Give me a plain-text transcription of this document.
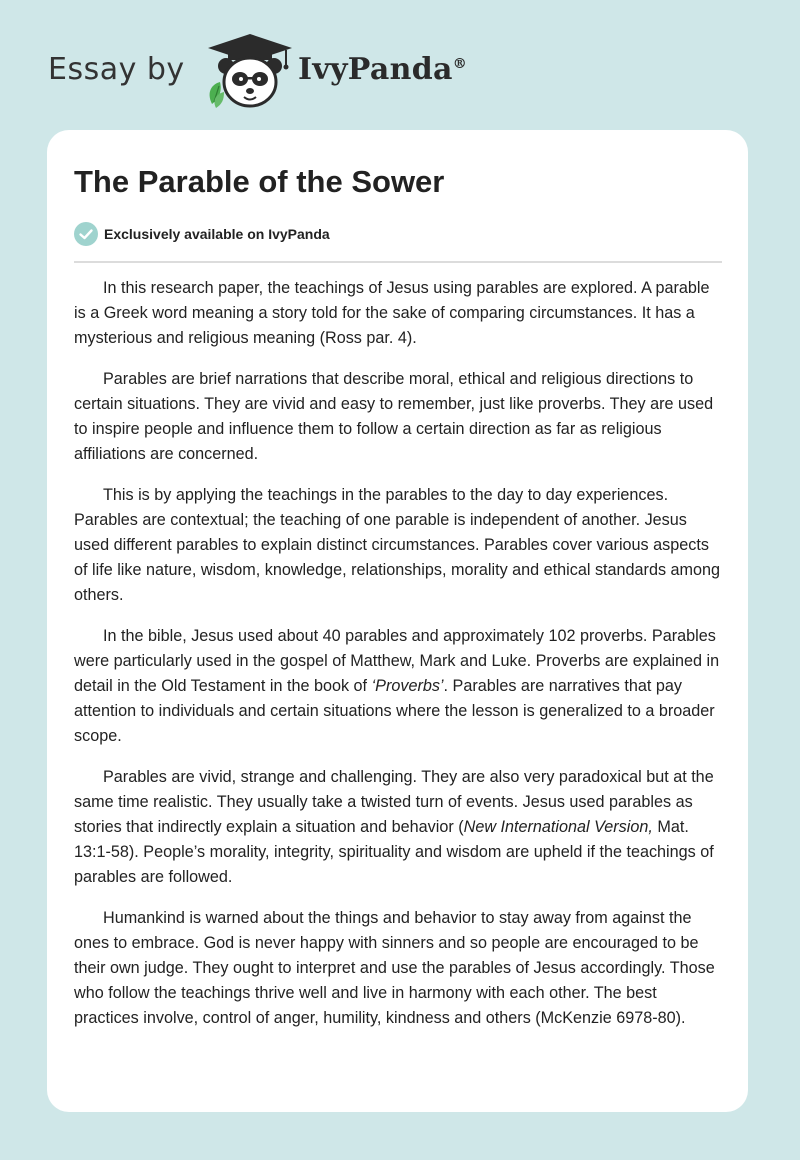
Essay by	IvyPanda®
The Parable of the Sower
Exclusively available on IvyPanda

In this research paper, the teachings of Jesus using parables are explored. A parable is a Greek word meaning a story told for the sake of comparing circumstances. It has a mysterious and religious meaning (Ross par. 4).

Parables are brief narrations that describe moral, ethical and religious directions to certain situations. They are vivid and easy to remember, just like proverbs. They are used to inspire people and influence them to follow a certain direction as far as religious affiliations are concerned.

This is by applying the teachings in the parables to the day to day experiences. Parables are contextual; the teaching of one parable is independent of another. Jesus used different parables to explain distinct circumstances. Parables cover various aspects of life like nature, wisdom, knowledge, relationships, morality and ethical standards among others.

In the bible, Jesus used about 40 parables and approximately 102 proverbs. Parables were particularly used in the gospel of Matthew, Mark and Luke. Proverbs are explained in detail in the Old Testament in the book of ‘Proverbs’. Parables are narratives that pay attention to individuals and certain situations where the lesson is generalized to a broader scope.

Parables are vivid, strange and challenging. They are also very paradoxical but at the same time realistic. They usually take a twisted turn of events. Jesus used parables as stories that indirectly explain a situation and behavior (New International Version, Mat. 13:1-58). People’s morality, integrity, spirituality and wisdom are upheld if the teachings of parables are followed.

Humankind is warned about the things and behavior to stay away from against the ones to embrace. God is never happy with sinners and so people are encouraged to be their own judge. They ought to interpret and use the parables of Jesus accordingly. Those who follow the teachings thrive well and live in harmony with each other. The best practices involve, control of anger, humility, kindness and others (McKenzie 6978-80).
